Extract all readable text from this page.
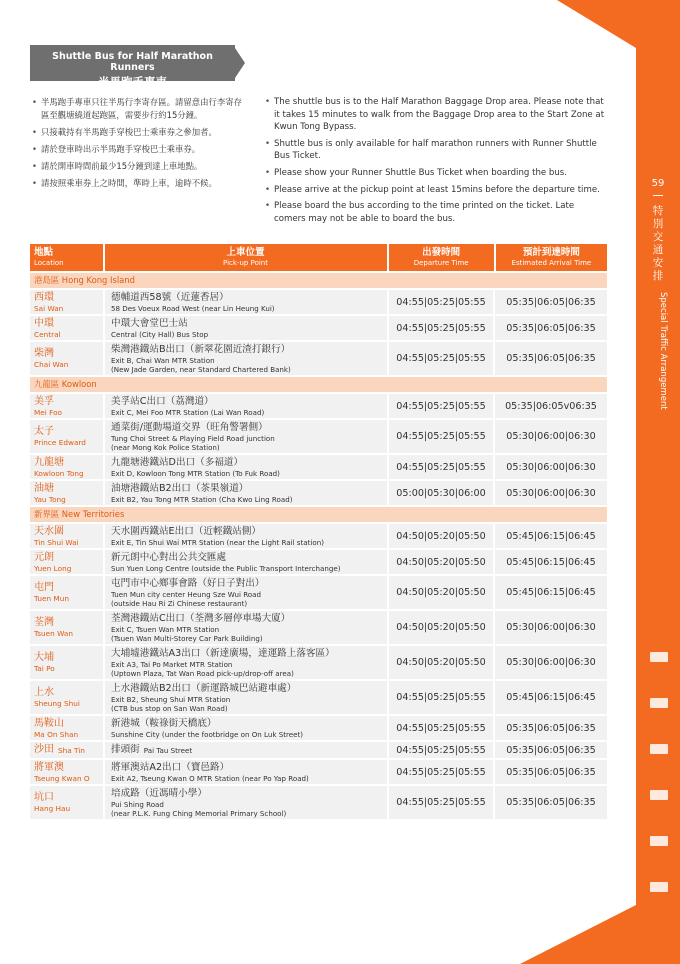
59
特
別
交
通
安
排
Special Traffic Arrangement
Shuttle Bus for Half Marathon Runners
半馬跑手專車
• 半馬跑手專車只往半馬行李寄存區。請留意由行李寄存區至觀塘繞道起跑區，需要步行約15分鐘。
• 只接載持有半馬跑手穿梭巴士乘車券之參加者。
• 請於登車時出示半馬跑手穿梭巴士乘車券。
• 請於開車時間前最少15分鐘到達上車地點。
• 請按照乘車券上之時間，準時上車，逾時不候。
• The shuttle bus is to the Half Marathon Baggage Drop area. Please note that it takes 15 minutes to walk from the Baggage Drop area to the Start Zone at Kwun Tong Bypass.
• Shuttle bus is only available for half marathon runners with Runner Shuttle Bus Ticket.
• Please show your Runner Shuttle Bus Ticket when boarding the bus.
• Please arrive at the pickup point at least 15mins before the departure time.
• Please board the bus according to the time printed on the ticket. Late comers may not be able to board the bus.
地點
Location
上車位置
Pick-up Point
出發時間
Departure Time
預計到達時間
Estimated Arrival Time
港島區 Hong Kong Island
西環
Sai Wan
德輔道西58號（近蓮香居）
58 Des Voeux Road West (near Lin Heung Kui)
04:55|05:25|05:55	05:35|06:05|06:35
中環
Central
中環大會堂巴士站
Central (City Hall) Bus Stop
04:55|05:25|05:55	05:35|06:05|06:35
柴灣
Chai Wan
柴灣港鐵站B出口（新翠花園近渣打銀行）
Exit B, Chai Wan MTR Station
(New Jade Garden, near Standard Chartered Bank)
04:55|05:25|05:55	05:35|06:05|06:35
九龍區 Kowloon
美孚
Mei Foo
美孚站C出口（荔灣道）
Exit C, Mei Foo MTR Station (Lai Wan Road)
04:55|05:25|05:55	05:35|06:05v06:35
太子
Prince Edward
通菜街/運動場道交界（旺角警署側）
Tung Choi Street & Playing Field Road junction
(near Mong Kok Police Station)
04:55|05:25|05:55	05:30|06:00|06:30
九龍塘
Kowloon Tong
九龍塘港鐵站D出口（多福道）
Exit D, Kowloon Tong MTR Station (To Fuk Road)
04:55|05:25|05:55	05:30|06:00|06:30
油塘
Yau Tong
油塘港鐵站B2出口（茶果嶺道）
Exit B2, Yau Tong MTR Station (Cha Kwo Ling Road)
05:00|05:30|06:00	05:30|06:00|06:30
新界區 New Territories
天水圍
Tin Shui Wai
天水圍西鐵站E出口（近輕鐵站側）
Exit E, Tin Shui Wai MTR Station (near the Light Rail station)
04:50|05:20|05:50	05:45|06:15|06:45
元朗
Yuen Long
新元朗中心對出公共交匯處
Sun Yuen Long Centre (outside the Public Transport Interchange)
04:50|05:20|05:50	05:45|06:15|06:45
屯門
Tuen Mun
屯門市中心鄉事會路（好日子對出）
Tuen Mun city center Heung Sze Wui Road
(outside Hau Ri Zi Chinese restaurant)
04:50|05:20|05:50	05:45|06:15|06:45
荃灣
Tsuen Wan
荃灣港鐵站C出口（荃灣多層停車場大廈）
Exit C, Tsuen Wan MTR Station
(Tsuen Wan Multi-Storey Car Park Building)
04:50|05:20|05:50	05:30|06:00|06:30
大埔
Tai Po
大埔墟港鐵站A3出口（新達廣場，達運路上落客區）
Exit A3, Tai Po Market MTR Station
(Uptown Plaza, Tat Wan Road pick-up/drop-off area)
04:50|05:20|05:50	05:30|06:00|06:30
上水
Sheung Shui
上水港鐵站B2出口（新運路城巴站避車處）
Exit B2, Sheung Shui MTR Station
(CTB bus stop on San Wan Road)
04:55|05:25|05:55	05:45|06:15|06:45
馬鞍山
Ma On Shan
新港城（鞍祿街天橋底）
Sunshine City (under the footbridge on On Luk Street)
04:55|05:25|05:55	05:35|06:05|06:35
沙田 Sha Tin	排頭街 Pai Tau Street	04:55|05:25|05:55	05:35|06:05|06:35
將軍澳
Tseung Kwan O
將軍澳站A2出口（寶邑路）
Exit A2, Tseung Kwan O MTR Station (near Po Yap Road)
04:55|05:25|05:55	05:35|06:05|06:35
坑口
Hang Hau
培成路（近馮晴小學）
Pui Shing Road
(near P.L.K. Fung Ching Memorial Primary School)
04:55|05:25|05:55	05:35|06:05|06:35
